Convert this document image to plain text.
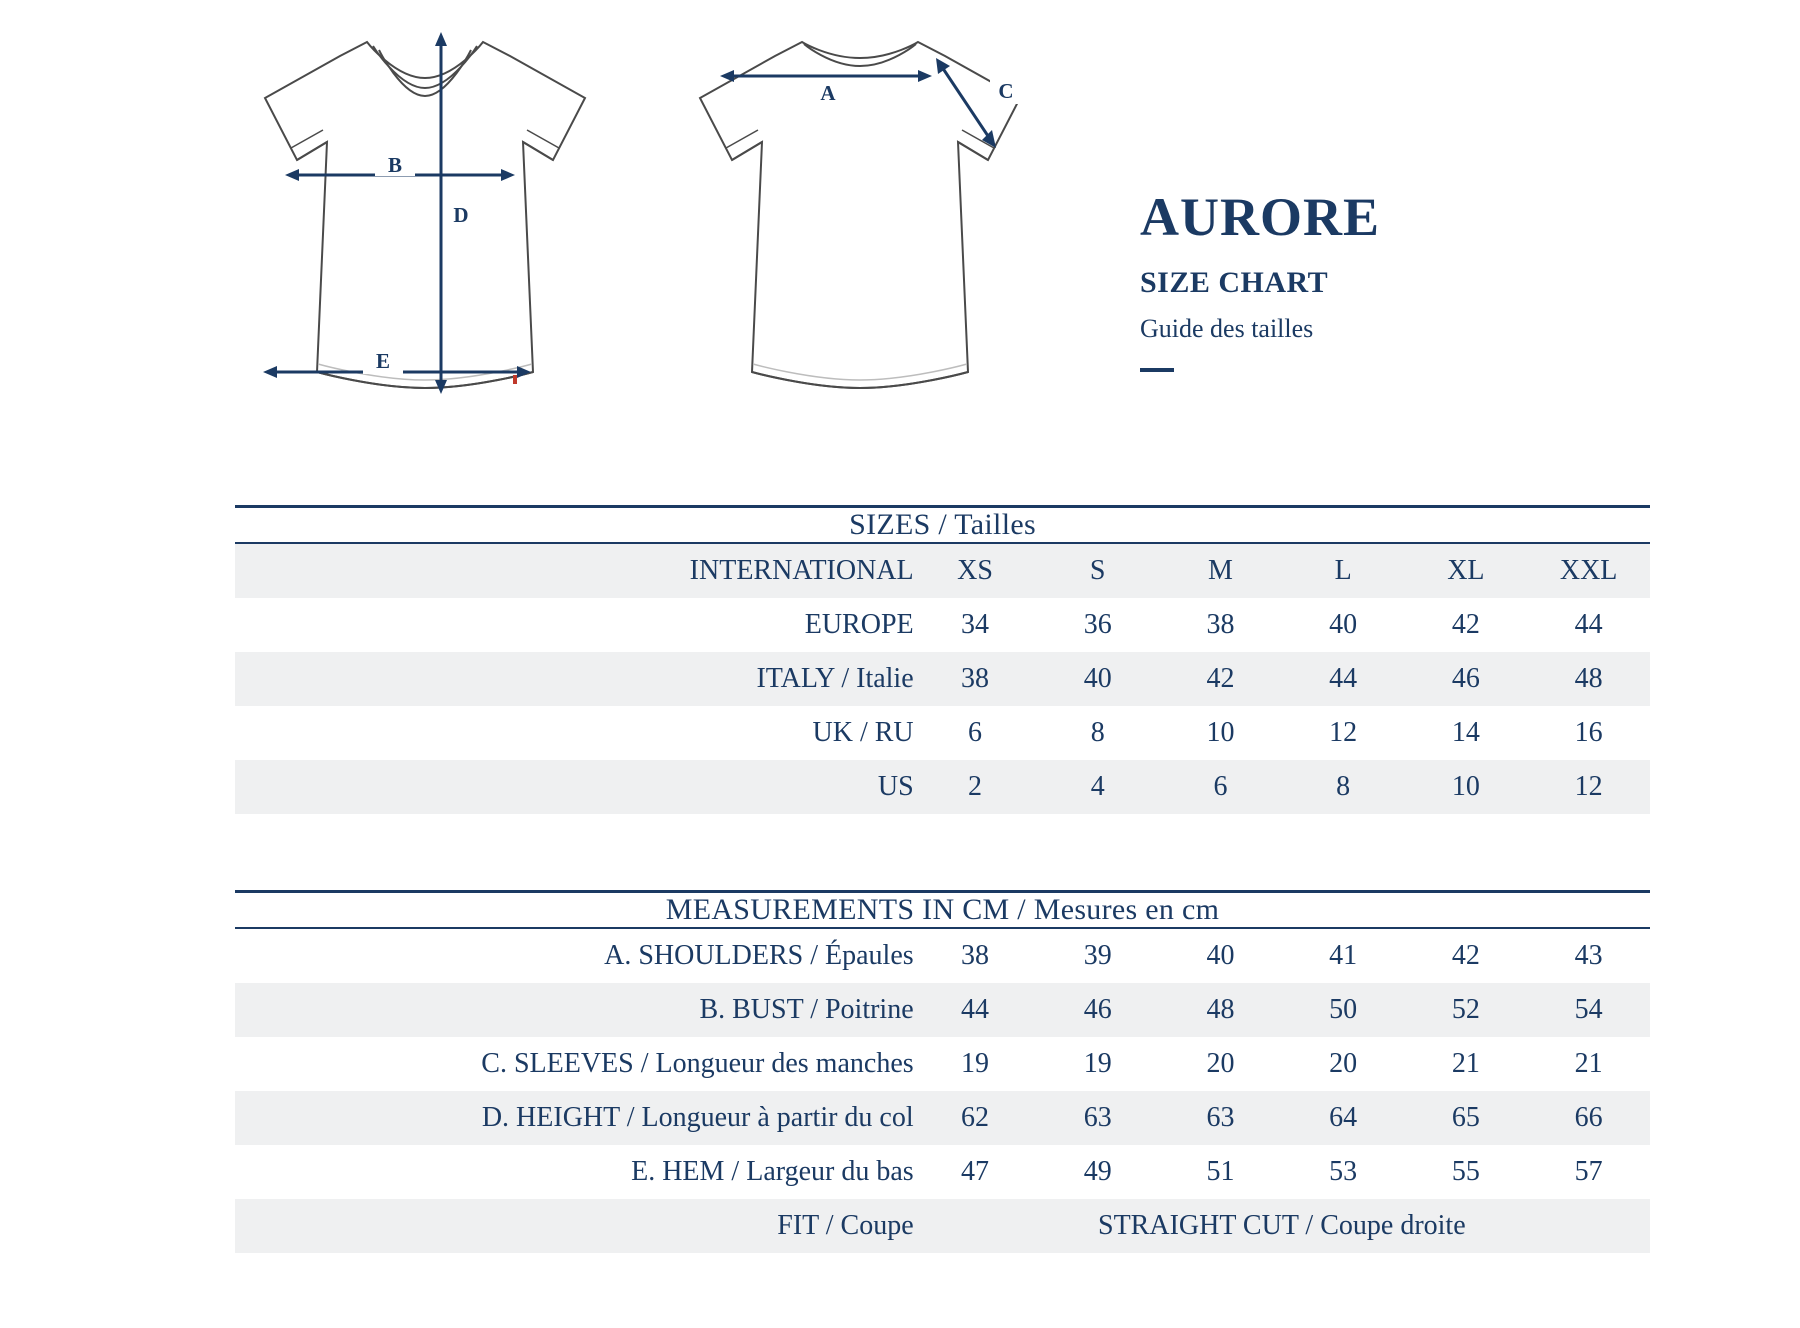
B
D
E
A	C
AURORE
SIZE CHART
Guide des tailles
SIZES / Tailles						
INTERNATIONAL	XS	S	M	L	XL	XXL
EUROPE	34	36	38	40	42	44
ITALY / Italie	38	40	42	44	46	48
UK / RU	6	8	10	12	14	16
US	2	4	6	8	10	12
MEASUREMENTS IN CM / Mesures en cm						
A. SHOULDERS / Épaules	38	39	40	41	42	43
B. BUST / Poitrine	44	46	48	50	52	54
C. SLEEVES / Longueur des manches	19	19	20	20	21	21
D. HEIGHT / Longueur à partir du col	62	63	63	64	65	66
E. HEM / Largeur du bas	47	49	51	53	55	57
FIT / Coupe	STRAIGHT CUT / Coupe droite					
